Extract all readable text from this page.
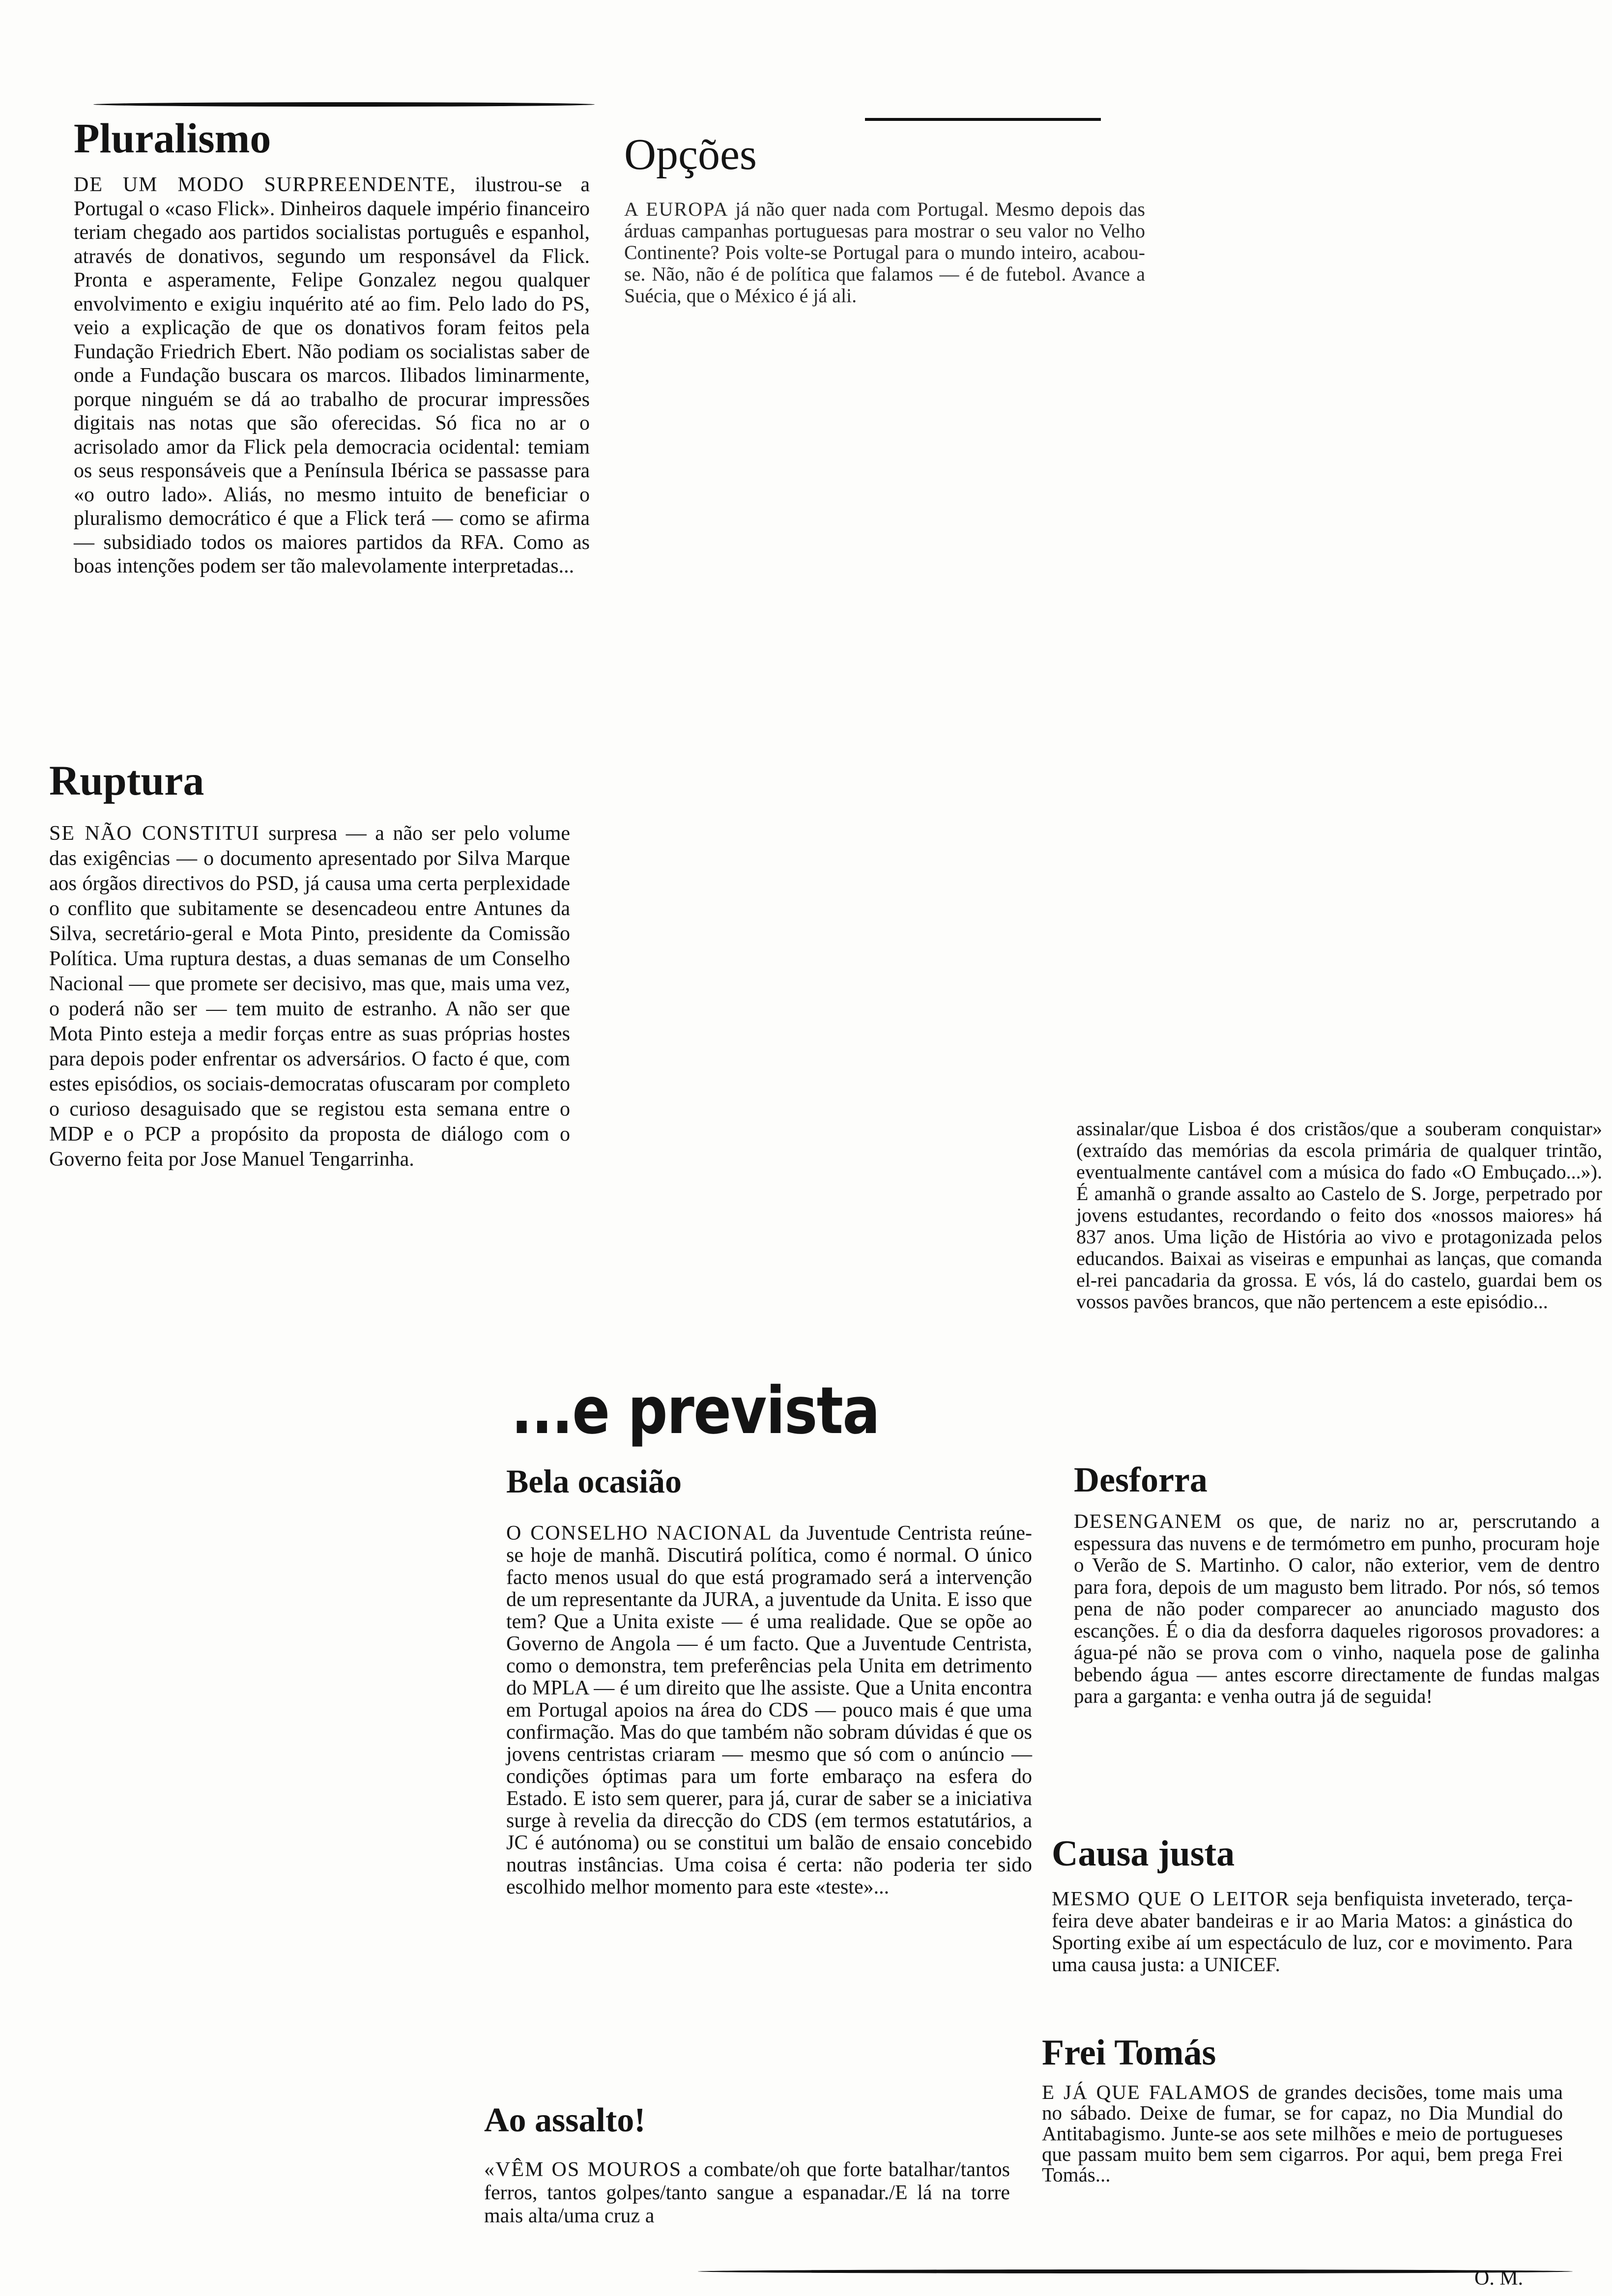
Pluralismo

DE UM MODO SURPREENDENTE, ilustrou-se a Portugal o «caso Flick». Dinheiros daquele império financeiro teriam chegado aos partidos socialistas português e espanhol, através de donativos, segundo um responsável da Flick. Pronta e asperamente, Felipe Gonzalez negou qualquer envolvimento e exigiu inquérito até ao fim. Pelo lado do PS, veio a explicação de que os donativos foram feitos pela Fundação Friedrich Ebert. Não podiam os socialistas saber de onde a Fundação buscara os marcos. Ilibados liminarmente, porque ninguém se dá ao trabalho de procurar impressões digitais nas notas que são oferecidas. Só fica no ar o acrisolado amor da Flick pela democracia ocidental: temiam os seus responsáveis que a Península Ibérica se passasse para «o outro lado». Aliás, no mesmo intuito de beneficiar o pluralismo democrático é que a Flick terá — como se afirma — subsidiado todos os maiores partidos da RFA. Como as boas intenções podem ser tão malevolamente interpretadas...

Ruptura

SE NÃO CONSTITUI surpresa — a não ser pelo volume das exigências — o documento apresentado por Silva Marque aos órgãos directivos do PSD, já causa uma certa perplexidade o conflito que subitamente se desencadeou entre Antunes da Silva, secretário-geral e Mota Pinto, presidente da Comissão Política. Uma ruptura destas, a duas semanas de um Conselho Nacional — que promete ser decisivo, mas que, mais uma vez, o poderá não ser — tem muito de estranho. A não ser que Mota Pinto esteja a medir forças entre as suas próprias hostes para depois poder enfrentar os adversários. O facto é que, com estes episódios, os sociais-democratas ofuscaram por completo o curioso desaguisado que se registou esta semana entre o MDP e o PCP a propósito da proposta de diálogo com o Governo feita por Jose Manuel Tengarrinha.

Opções

A EUROPA já não quer nada com Portugal. Mesmo depois das árduas campanhas portuguesas para mostrar o seu valor no Velho Continente? Pois volte-se Portugal para o mundo inteiro, acabou-se. Não, não é de política que falamos — é de futebol. Avance a Suécia, que o México é já ali.

assinalar/que Lisboa é dos cristãos/que a souberam conquistar» (extraído das memórias da escola primária de qualquer trintão, eventualmente cantável com a música do fado «O Embuçado...»). É amanhã o grande assalto ao Castelo de S. Jorge, perpetrado por jovens estudantes, recordando o feito dos «nossos maiores» há 837 anos. Uma lição de História ao vivo e protagonizada pelos educandos. Baixai as viseiras e empunhai as lanças, que comanda el-rei pancadaria da grossa. E vós, lá do castelo, guardai bem os vossos pavões brancos, que não pertencem a este episódio...

...e prevista
Bela ocasião

O CONSELHO NACIONAL da Juventude Centrista reúne-se hoje de manhã. Discutirá política, como é normal. O único facto menos usual do que está programado será a intervenção de um representante da JURA, a juventude da Unita. E isso que tem? Que a Unita existe — é uma realidade. Que se opõe ao Governo de Angola — é um facto. Que a Juventude Centrista, como o demonstra, tem preferências pela Unita em detrimento do MPLA — é um direito que lhe assiste. Que a Unita encontra em Portugal apoios na área do CDS — pouco mais é que uma confirmação. Mas do que também não sobram dúvidas é que os jovens centristas criaram — mesmo que só com o anúncio — condições óptimas para um forte embaraço na esfera do Estado. E isto sem querer, para já, curar de saber se a iniciativa surge à revelia da direcção do CDS (em termos estatutários, a JC é autónoma) ou se constitui um balão de ensaio concebido noutras instâncias. Uma coisa é certa: não poderia ter sido escolhido melhor momento para este «teste»...

Ao assalto!

«VÊM OS MOUROS a combate/oh que forte batalhar/tantos ferros, tantos golpes/tanto sangue a espanadar./E lá na torre mais alta/uma cruz a

Desforra

DESENGANEM os que, de nariz no ar, perscrutando a espessura das nuvens e de termómetro em punho, procuram hoje o Verão de S. Martinho. O calor, não exterior, vem de dentro para fora, depois de um magusto bem litrado. Por nós, só temos pena de não poder comparecer ao anunciado magusto dos escanções. É o dia da desforra daqueles rigorosos provadores: a água-pé não se prova com o vinho, naquela pose de galinha bebendo água — antes escorre directamente de fundas malgas para a garganta: e venha outra já de seguida!

Causa justa

MESMO QUE O LEITOR seja benfiquista inveterado, terça-feira deve abater bandeiras e ir ao Maria Matos: a ginástica do Sporting exibe aí um espectáculo de luz, cor e movimento. Para uma causa justa: a UNICEF.

Frei Tomás

E JÁ QUE FALAMOS de grandes decisões, tome mais uma no sábado. Deixe de fumar, se for capaz, no Dia Mundial do Antitabagismo. Junte-se aos sete milhões e meio de portugueses que passam muito bem sem cigarros. Por aqui, bem prega Frei Tomás...

O. M.
